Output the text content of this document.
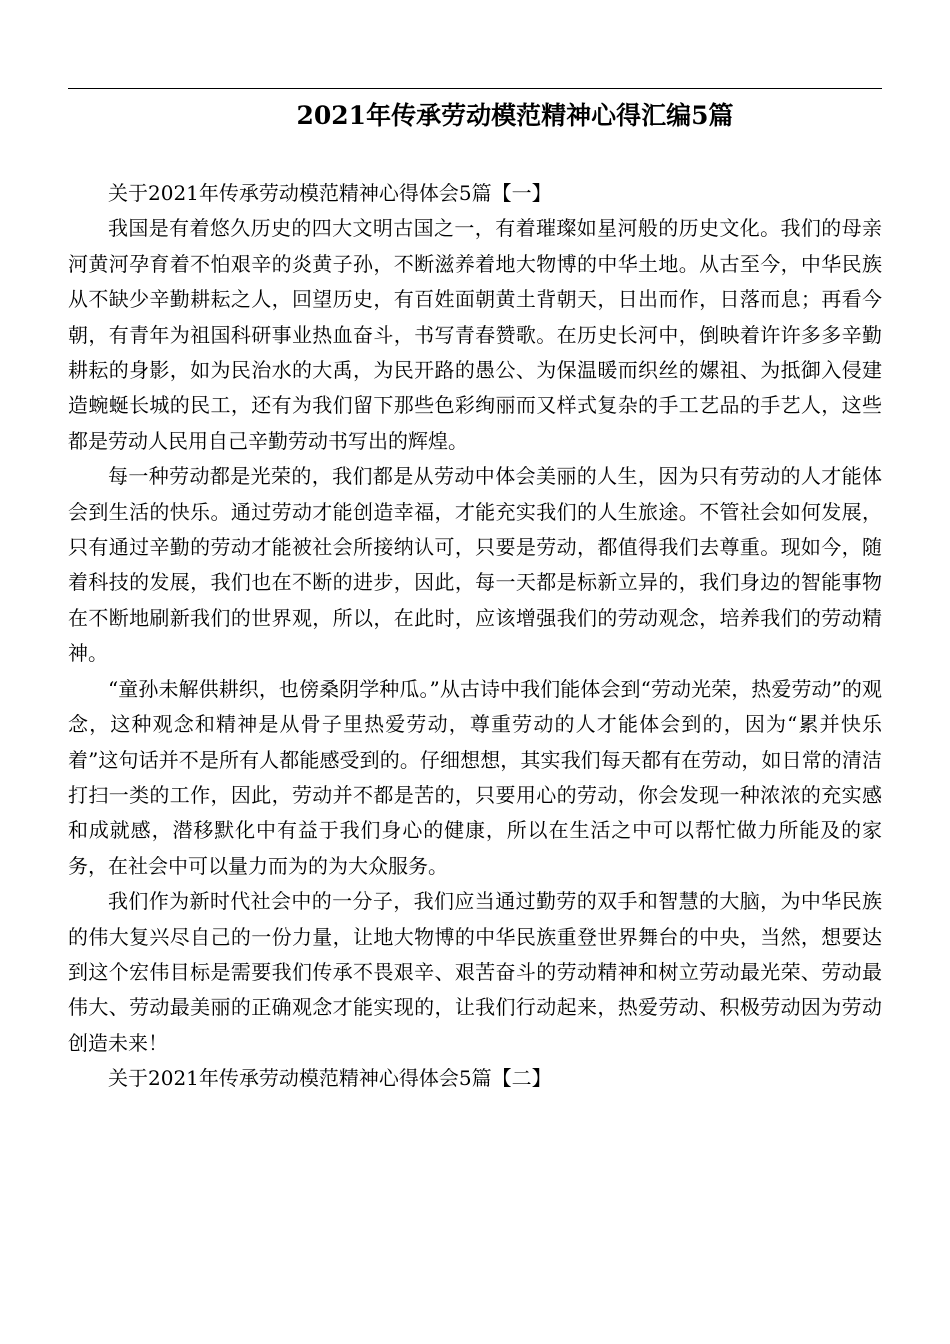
2021年传承劳动模范精神心得汇编5篇

关于2021年传承劳动模范精神心得体会5篇【一】

我国是有着悠久历史的四大文明古国之一，有着璀璨如星河般的历史文化。我们的母亲河黄河孕育着不怕艰辛的炎黄子孙，不断滋养着地大物博的中华土地。从古至今，中华民族从不缺少辛勤耕耘之人，回望历史，有百姓面朝黄土背朝天，日出而作，日落而息；再看今朝，有青年为祖国科研事业热血奋斗，书写青春赞歌。在历史长河中，倒映着许许多多辛勤耕耘的身影，如为民治水的大禹，为民开路的愚公、为保温暖而织丝的嫘祖、为抵御入侵建造蜿蜒长城的民工，还有为我们留下那些色彩绚丽而又样式复杂的手工艺品的手艺人，这些都是劳动人民用自己辛勤劳动书写出的辉煌。

每一种劳动都是光荣的，我们都是从劳动中体会美丽的人生，因为只有劳动的人才能体会到生活的快乐。通过劳动才能创造幸福，才能充实我们的人生旅途。不管社会如何发展，只有通过辛勤的劳动才能被社会所接纳认可，只要是劳动，都值得我们去尊重。现如今，随着科技的发展，我们也在不断的进步，因此，每一天都是标新立异的，我们身边的智能事物在不断地刷新我们的世界观，所以，在此时，应该增强我们的劳动观念，培养我们的劳动精神。

“童孙未解供耕织，也傍桑阴学种瓜。”从古诗中我们能体会到“劳动光荣，热爱劳动”的观念，这种观念和精神是从骨子里热爱劳动，尊重劳动的人才能体会到的，因为“累并快乐着”这句话并不是所有人都能感受到的。仔细想想，其实我们每天都有在劳动，如日常的清洁打扫一类的工作，因此，劳动并不都是苦的，只要用心的劳动，你会发现一种浓浓的充实感和成就感，潜移默化中有益于我们身心的健康，所以在生活之中可以帮忙做力所能及的家务，在社会中可以量力而为的为大众服务。

我们作为新时代社会中的一分子，我们应当通过勤劳的双手和智慧的大脑，为中华民族的伟大复兴尽自己的一份力量，让地大物博的中华民族重登世界舞台的中央，当然，想要达到这个宏伟目标是需要我们传承不畏艰辛、艰苦奋斗的劳动精神和树立劳动最光荣、劳动最伟大、劳动最美丽的正确观念才能实现的，让我们行动起来，热爱劳动、积极劳动因为劳动创造未来！

关于2021年传承劳动模范精神心得体会5篇【二】
